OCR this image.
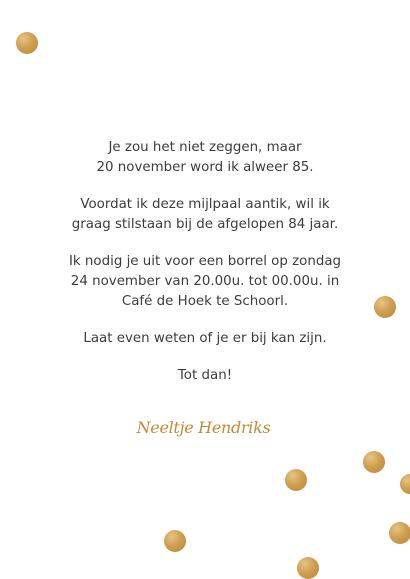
Je zou het niet zeggen, maar
20 november word ik alweer 85.

Voordat ik deze mijlpaal aantik, wil ik
graag stilstaan bij de afgelopen 84 jaar.

Ik nodig je uit voor een borrel op zondag
24 november van 20.00u. tot 00.00u. in
Café de Hoek te Schoorl.

Laat even weten of je er bij kan zijn.

Tot dan!

Neeltje Hendriks
